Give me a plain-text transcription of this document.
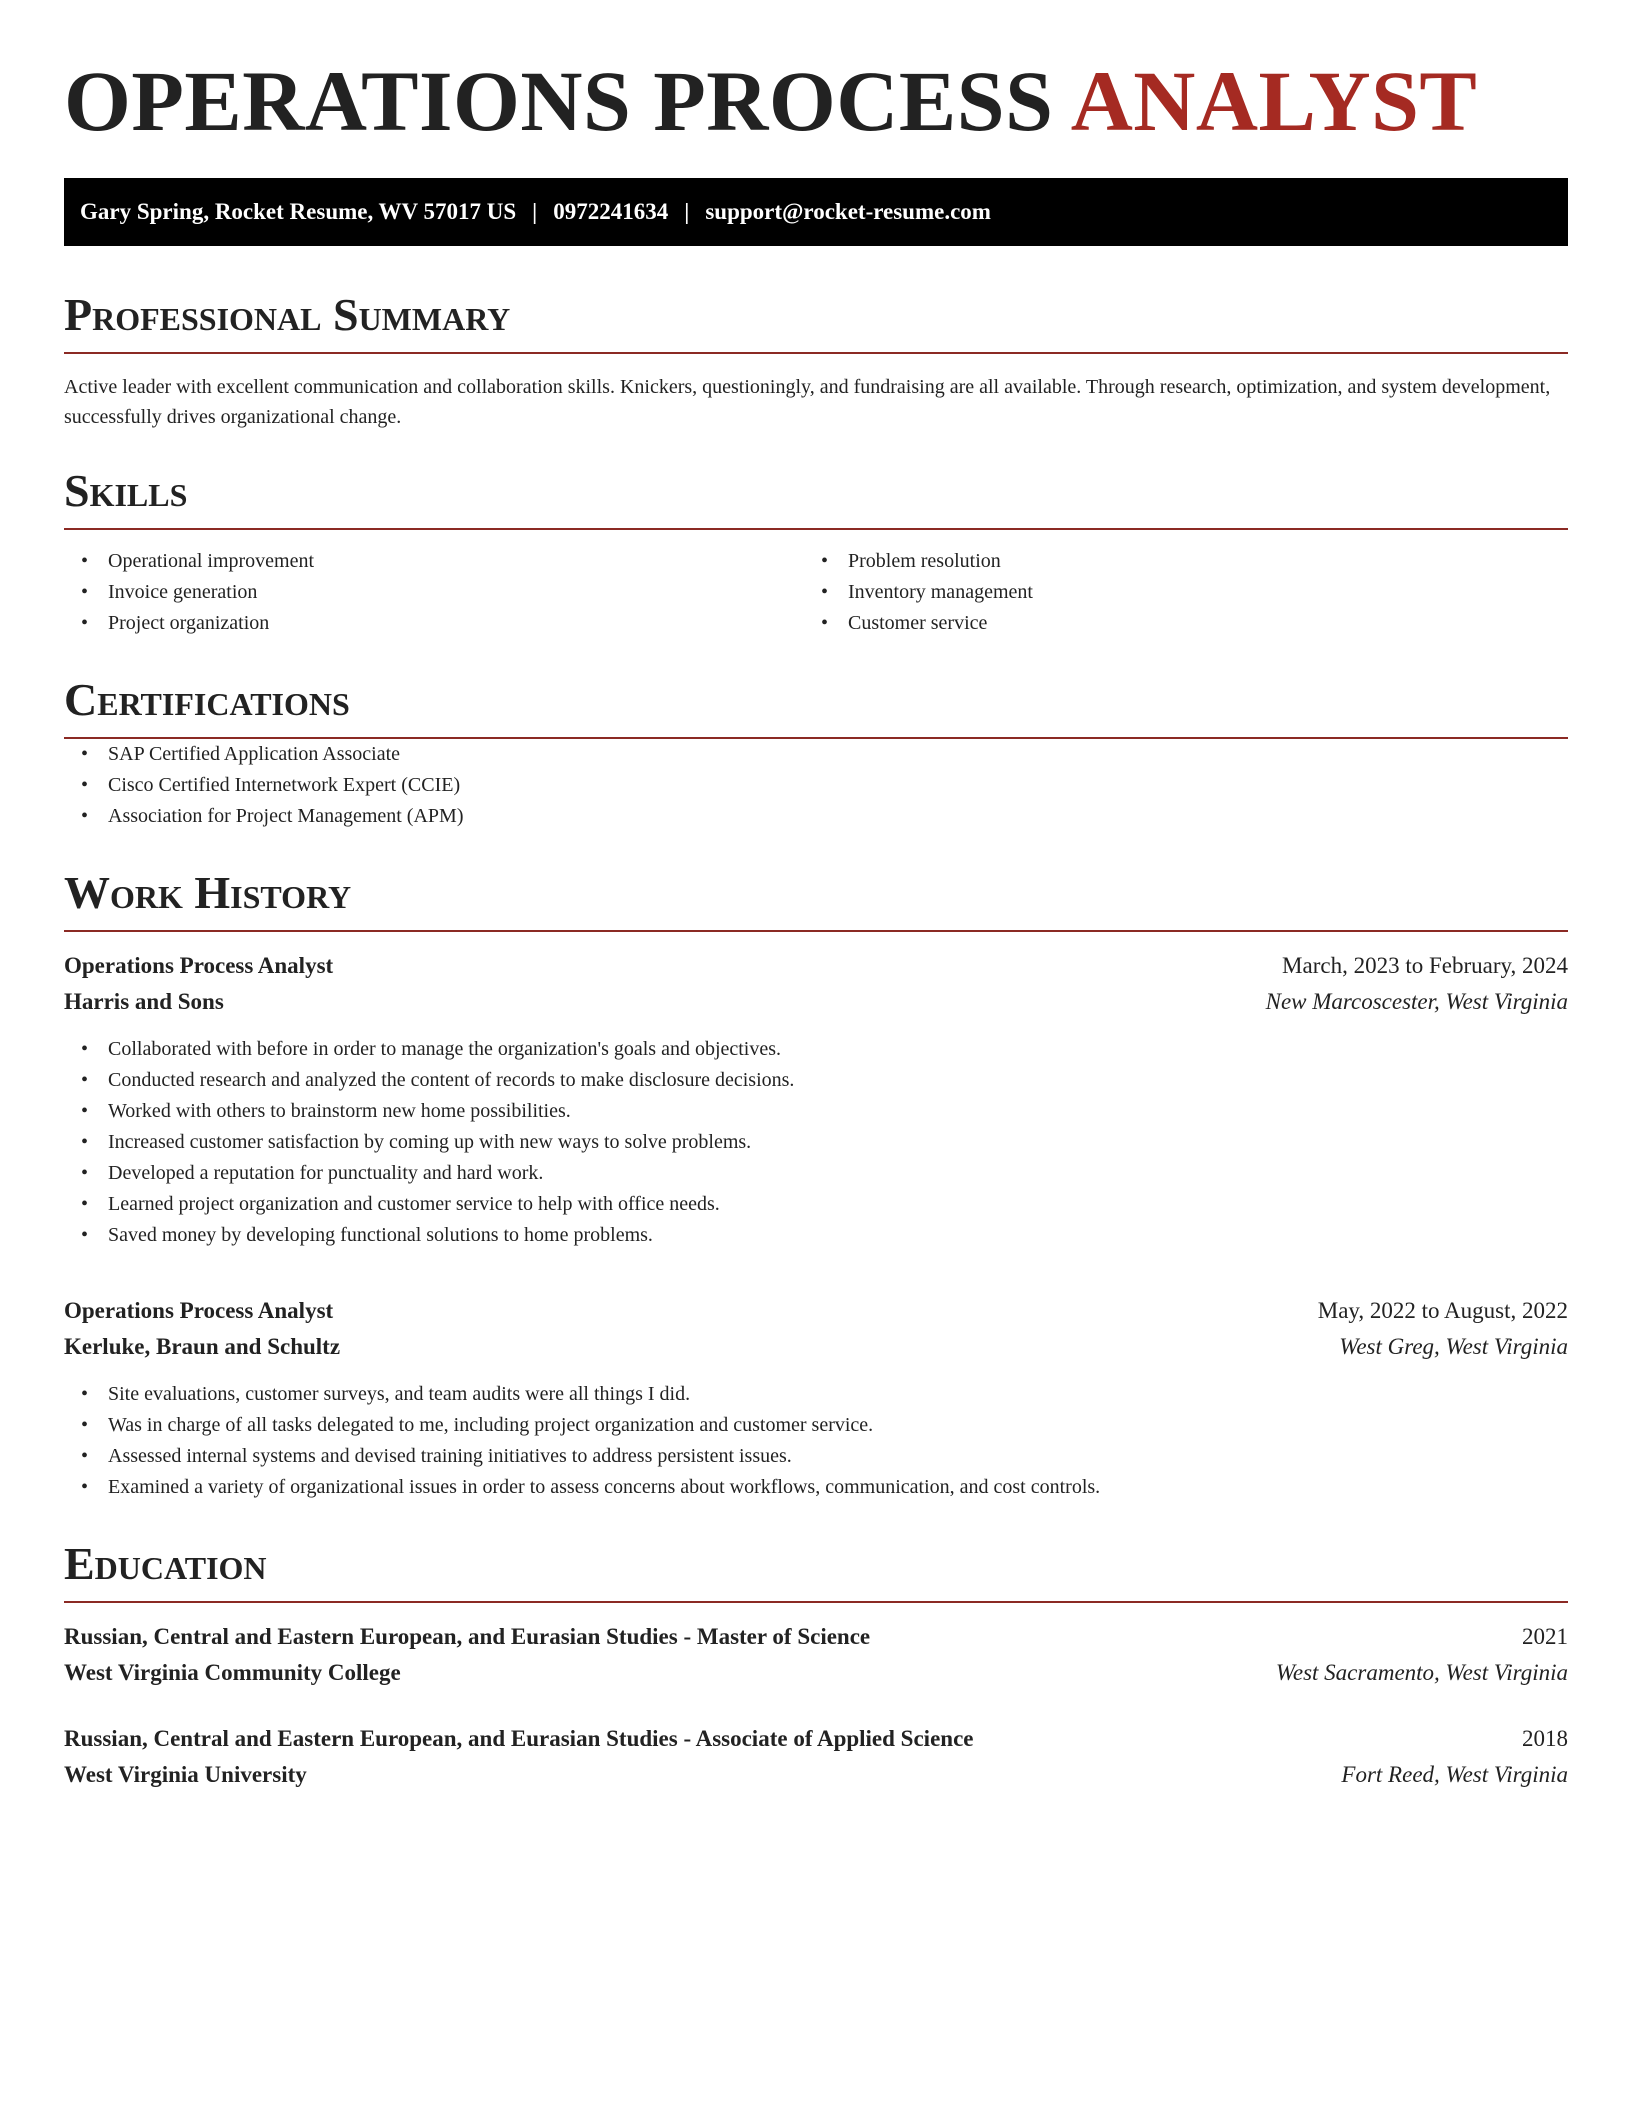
OPERATIONS PROCESS ANALYST
Gary Spring, Rocket Resume, WV 57017 US | 0972241634 | support@rocket-resume.com
Professional Summary
Active leader with excellent communication and collaboration skills. Knickers, questioningly, and fundraising are all available. Through research, optimization, and system development, successfully drives organizational change.
Skills
• Operational improvement
• Invoice generation
• Project organization
• Problem resolution
• Inventory management
• Customer service
Certifications
• SAP Certified Application Associate
• Cisco Certified Internetwork Expert (CCIE)
• Association for Project Management (APM)
Work History
Operations Process Analyst	March, 2023 to February, 2024
Harris and Sons	New Marcoscester, West Virginia
• Collaborated with before in order to manage the organization's goals and objectives.
• Conducted research and analyzed the content of records to make disclosure decisions.
• Worked with others to brainstorm new home possibilities.
• Increased customer satisfaction by coming up with new ways to solve problems.
• Developed a reputation for punctuality and hard work.
• Learned project organization and customer service to help with office needs.
• Saved money by developing functional solutions to home problems.
Operations Process Analyst	May, 2022 to August, 2022
Kerluke, Braun and Schultz	West Greg, West Virginia
• Site evaluations, customer surveys, and team audits were all things I did.
• Was in charge of all tasks delegated to me, including project organization and customer service.
• Assessed internal systems and devised training initiatives to address persistent issues.
• Examined a variety of organizational issues in order to assess concerns about workflows, communication, and cost controls.
Education
Russian, Central and Eastern European, and Eurasian Studies - Master of Science	2021
West Virginia Community College	West Sacramento, West Virginia
Russian, Central and Eastern European, and Eurasian Studies - Associate of Applied Science	2018
West Virginia University	Fort Reed, West Virginia
